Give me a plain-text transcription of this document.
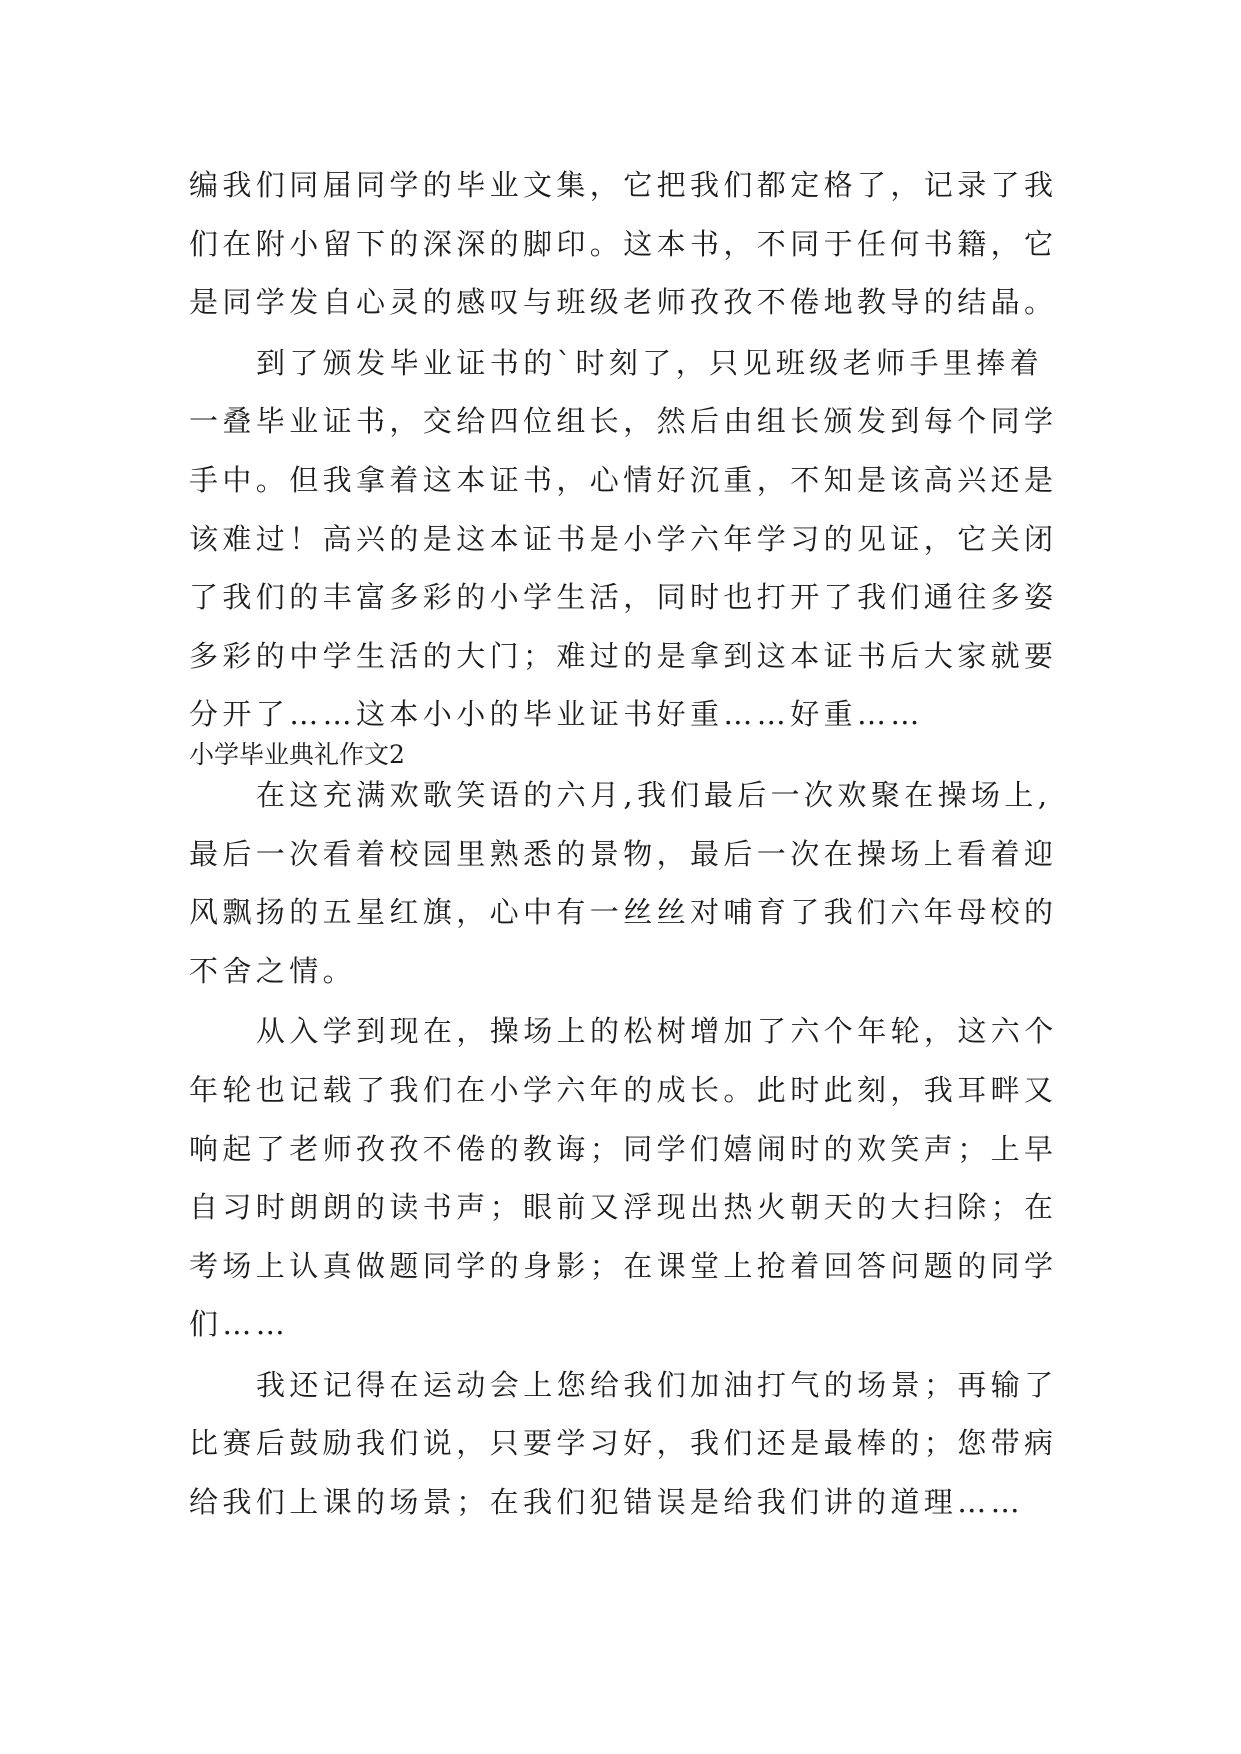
编我们同届同学的毕业文集，它把我们都定格了，记录了我
们在附小留下的深深的脚印。这本书，不同于任何书籍，它
是同学发自心灵的感叹与班级老师孜孜不倦地教导的结晶。
到了颁发毕业证书的`时刻了，只见班级老师手里捧着
一叠毕业证书，交给四位组长，然后由组长颁发到每个同学
手中。但我拿着这本证书，心情好沉重，不知是该高兴还是
该难过！高兴的是这本证书是小学六年学习的见证，它关闭
了我们的丰富多彩的小学生活，同时也打开了我们通往多姿
多彩的中学生活的大门；难过的是拿到这本证书后大家就要
分开了……这本小小的毕业证书好重……好重……
小学毕业典礼作文2
在这充满欢歌笑语的六月,我们最后一次欢聚在操场上,
最后一次看着校园里熟悉的景物，最后一次在操场上看着迎
风飘扬的五星红旗，心中有一丝丝对哺育了我们六年母校的
不舍之情。
从入学到现在，操场上的松树增加了六个年轮，这六个
年轮也记载了我们在小学六年的成长。此时此刻，我耳畔又
响起了老师孜孜不倦的教诲；同学们嬉闹时的欢笑声；上早
自习时朗朗的读书声；眼前又浮现出热火朝天的大扫除；在
考场上认真做题同学的身影；在课堂上抢着回答问题的同学
们……
我还记得在运动会上您给我们加油打气的场景；再输了
比赛后鼓励我们说，只要学习好，我们还是最棒的；您带病
给我们上课的场景；在我们犯错误是给我们讲的道理……
